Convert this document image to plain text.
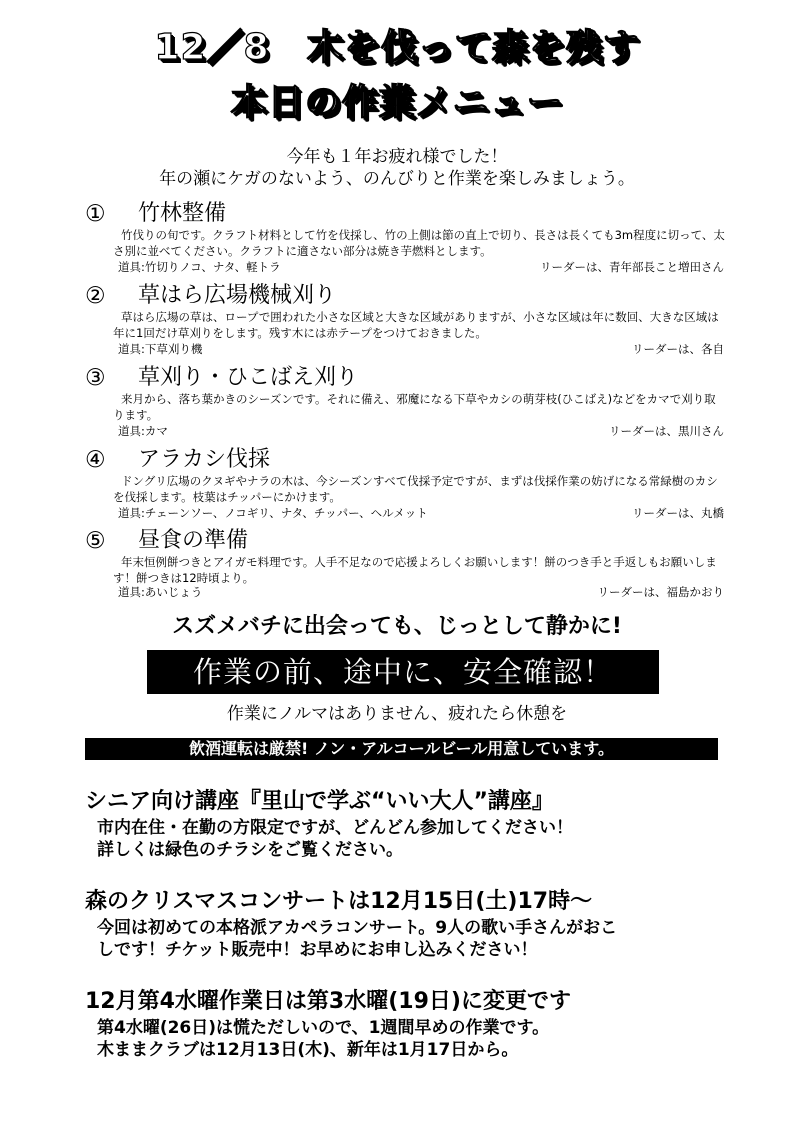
12／8　木を伐って森を残す
本日の作業メニュー
今年も１年お疲れ様でした！
年の瀬にケガのないよう、のんびりと作業を楽しみましょう。
① 竹林整備
竹伐りの旬です。クラフト材料として竹を伐採し、竹の上側は節の直上で切り、長さは長くても3m程度に切って、太さ別に並べてください。クラフトに適さない部分は焼き芋燃料とします。
道具:竹切りノコ、ナタ、軽トラ	リーダーは、青年部長こと増田さん
② 草はら広場機械刈り
草はら広場の草は、ロープで囲われた小さな区域と大きな区域がありますが、小さな区域は年に数回、大きな区域は年に1回だけ草刈りをします。残す木には赤テープをつけておきました。
道具:下草刈り機	リーダーは、各自
③ 草刈り・ひこばえ刈り
来月から、落ち葉かきのシーズンです。それに備え、邪魔になる下草やカシの萌芽枝(ひこばえ)などをカマで刈り取ります。
道具:カマ	リーダーは、黒川さん
④ アラカシ伐採
ドングリ広場のクヌギやナラの木は、今シーズンすべて伐採予定ですが、まずは伐採作業の妨げになる常緑樹のカシを伐採します。枝葉はチッパーにかけます。
道具:チェーンソー、ノコギリ、ナタ、チッパー、ヘルメット	リーダーは、丸橋
⑤ 昼食の準備
年末恒例餅つきとアイガモ料理です。人手不足なので応援よろしくお願いします！餅のつき手と手返しもお願いします！餅つきは12時頃より。
道具:あいじょう	リーダーは、福島かおり
スズメバチに出会っても、じっとして静かに!
作業の前、途中に、安全確認！
作業にノルマはありません、疲れたら休憩を
飲酒運転は厳禁! ノン・アルコールビール用意しています。
シニア向け講座『里山で学ぶ“いい大人”講座』
市内在住・在勤の方限定ですが、どんどん参加してください！
詳しくは緑色のチラシをご覧ください。
森のクリスマスコンサートは12月15日(土)17時～
今回は初めての本格派アカペラコンサート。9人の歌い手さんがおこ
しです！チケット販売中！お早めにお申し込みください！
12月第4水曜作業日は第3水曜(19日)に変更です
第4水曜(26日)は慌ただしいので、1週間早めの作業です。
木ままクラブは12月13日(木)、新年は1月17日から。
